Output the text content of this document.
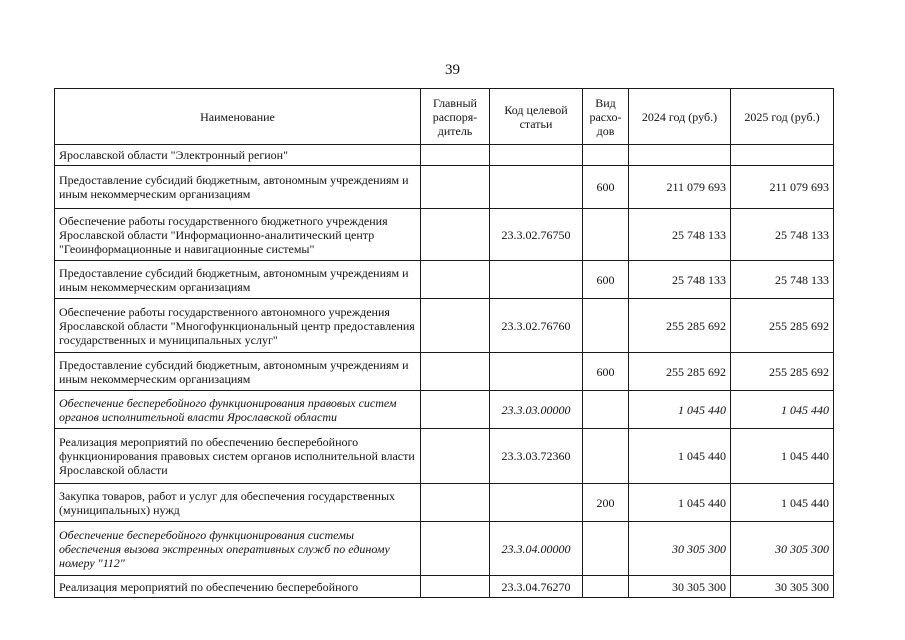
39
Наименование	Главный распоря-дитель	Код целевой статьи	Вид расхо-дов	2024 год (руб.)	2025 год (руб.)
Ярославской области "Электронный регион"					
Предоставление субсидий бюджетным, автономным учреждениям и иным некоммерческим организациям			600	211 079 693	211 079 693
Обеспечение работы государственного бюджетного учреждения Ярославской области "Информационно-аналитический центр "Геоинформационные и навигационные системы"		23.3.02.76750		25 748 133	25 748 133
Предоставление субсидий бюджетным, автономным учреждениям и иным некоммерческим организациям			600	25 748 133	25 748 133
Обеспечение работы государственного автономного учреждения Ярославской области "Многофункциональный центр предоставления государственных и муниципальных услуг"		23.3.02.76760		255 285 692	255 285 692
Предоставление субсидий бюджетным, автономным учреждениям и иным некоммерческим организациям			600	255 285 692	255 285 692
Обеспечение бесперебойного функционирования правовых систем органов исполнительной власти Ярославской области		23.3.03.00000		1 045 440	1 045 440
Реализация мероприятий по обеспечению бесперебойного функционирования правовых систем органов исполнительной власти Ярославской области		23.3.03.72360		1 045 440	1 045 440
Закупка товаров, работ и услуг для обеспечения государственных (муниципальных) нужд			200	1 045 440	1 045 440
Обеспечение бесперебойного функционирования системы обеспечения вызова экстренных оперативных служб по единому номеру "112"		23.3.04.00000		30 305 300	30 305 300
Реализация мероприятий по обеспечению бесперебойного		23.3.04.76270		30 305 300	30 305 300
